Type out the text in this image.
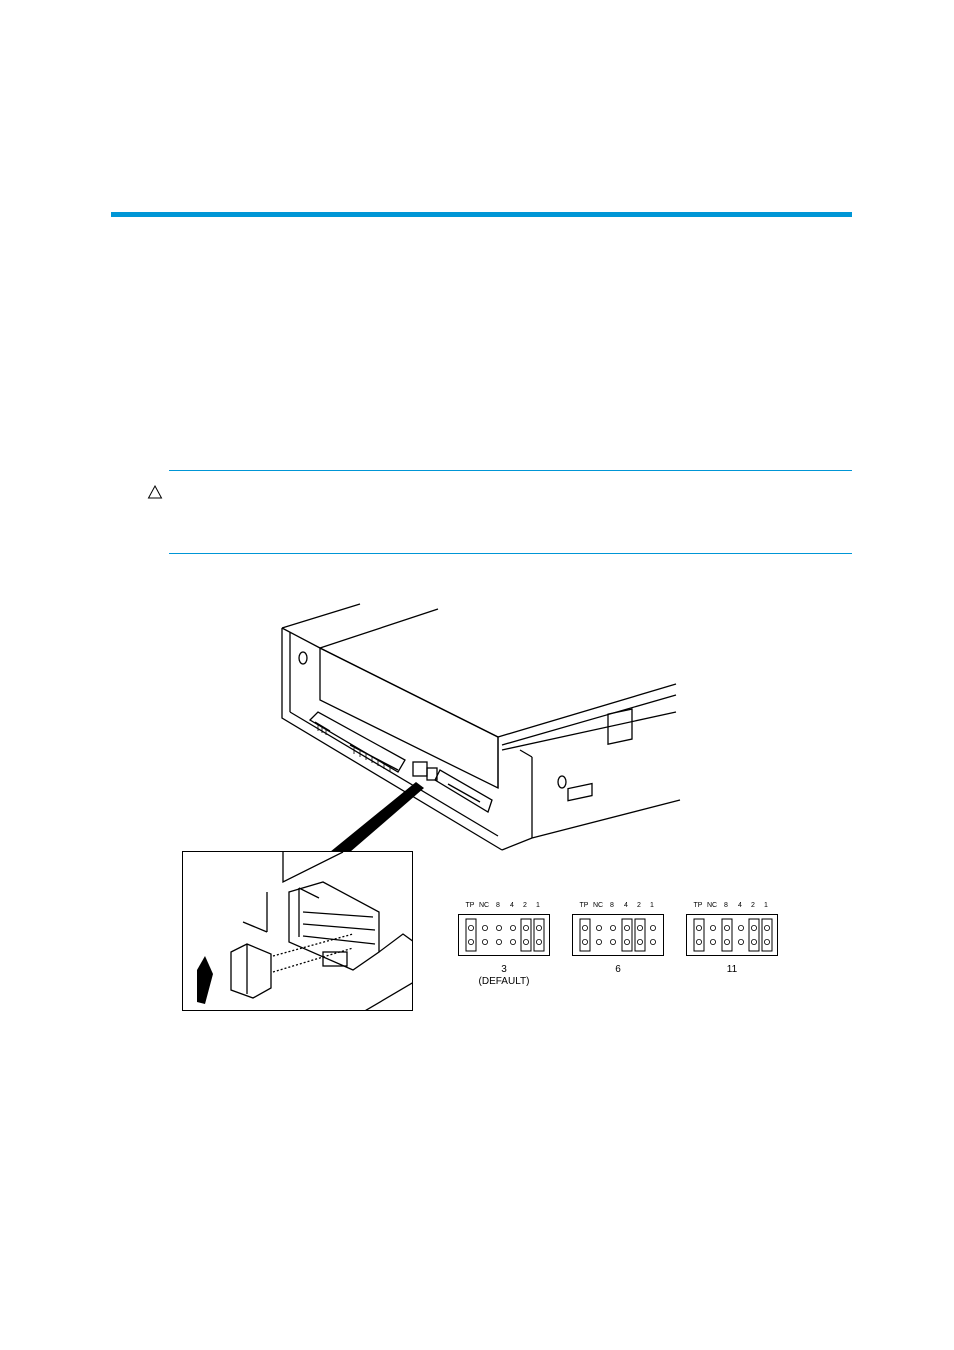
TP NC 8 4 2 1
3
(DEFAULT)
TP NC 8 4 2 1
6
TP NC 8 4 2 1
11
